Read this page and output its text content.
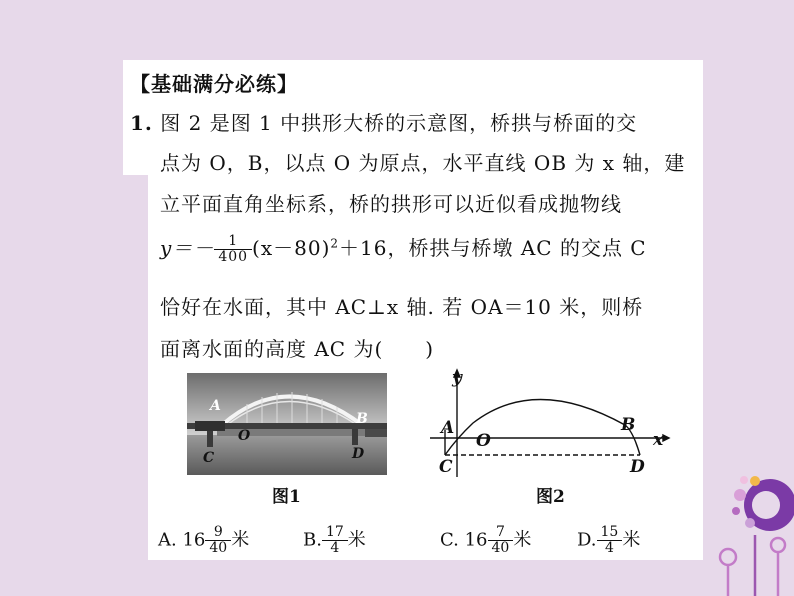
【基础满分必练】
1. 图 2 是图 1 中拱形大桥的示意图，桥拱与桥面的交
点为 O，B，以点 O 为原点，水平直线 OB 为 x 轴，建
立平面直角坐标系，桥的拱形可以近似看成抛物线
$y=- \frac{1}{400} (x-80)^2+16$，桥拱与桥墩 AC 的交点 C
恰好在水面，其中 AC⊥x 轴. 若 OA＝10 米，则桥
面离水面的高度 AC 为(　　)
A
B
O
C	D
图1
y
x
A
O
B
C	D
图2
A. $16 \frac{9}{40}$ 米	B. $\frac{17}{4}$ 米	C. $16 \frac{7}{40}$ 米	D. $\frac{15}{4}$ 米
